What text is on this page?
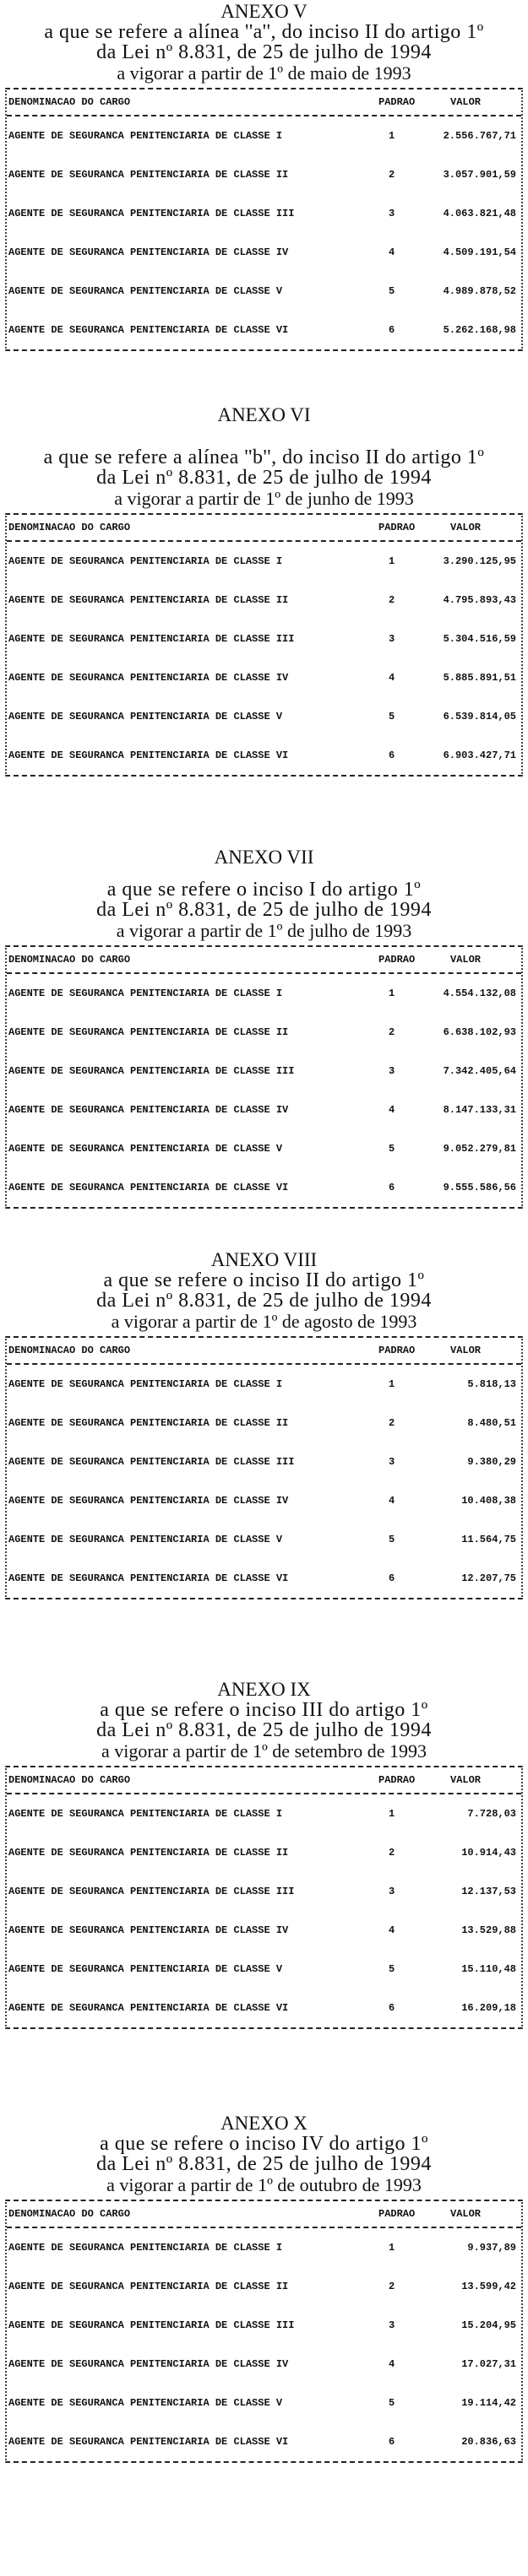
ANEXO V

a que se refere a alínea ''a'', do inciso II do artigo 1º

da Lei nº 8.831, de 25 de julho de 1994

a vigorar a partir de 1º de maio de 1993

DENOMINACAO DO CARGO	PADRAO	VALOR
AGENTE DE SEGURANCA PENITENCIARIA DE CLASSE I	1	2.556.767,71
AGENTE DE SEGURANCA PENITENCIARIA DE CLASSE II	2	3.057.901,59
AGENTE DE SEGURANCA PENITENCIARIA DE CLASSE III	3	4.063.821,48
AGENTE DE SEGURANCA PENITENCIARIA DE CLASSE IV	4	4.509.191,54
AGENTE DE SEGURANCA PENITENCIARIA DE CLASSE V	5	4.989.878,52
AGENTE DE SEGURANCA PENITENCIARIA DE CLASSE VI	6	5.262.168,98

ANEXO VI

a que se refere a alínea ''b'', do inciso II do artigo 1º

da Lei nº 8.831, de 25 de julho de 1994

a vigorar a partir de 1º de junho de 1993

DENOMINACAO DO CARGO	PADRAO	VALOR
AGENTE DE SEGURANCA PENITENCIARIA DE CLASSE I	1	3.290.125,95
AGENTE DE SEGURANCA PENITENCIARIA DE CLASSE II	2	4.795.893,43
AGENTE DE SEGURANCA PENITENCIARIA DE CLASSE III	3	5.304.516,59
AGENTE DE SEGURANCA PENITENCIARIA DE CLASSE IV	4	5.885.891,51
AGENTE DE SEGURANCA PENITENCIARIA DE CLASSE V	5	6.539.814,05
AGENTE DE SEGURANCA PENITENCIARIA DE CLASSE VI	6	6.903.427,71

ANEXO VII

a que se refere o inciso I do artigo 1º

da Lei nº 8.831, de 25 de julho de 1994

a vigorar a partir de 1º de julho de 1993

DENOMINACAO DO CARGO	PADRAO	VALOR
AGENTE DE SEGURANCA PENITENCIARIA DE CLASSE I	1	4.554.132,08
AGENTE DE SEGURANCA PENITENCIARIA DE CLASSE II	2	6.638.102,93
AGENTE DE SEGURANCA PENITENCIARIA DE CLASSE III	3	7.342.405,64
AGENTE DE SEGURANCA PENITENCIARIA DE CLASSE IV	4	8.147.133,31
AGENTE DE SEGURANCA PENITENCIARIA DE CLASSE V	5	9.052.279,81
AGENTE DE SEGURANCA PENITENCIARIA DE CLASSE VI	6	9.555.586,56

ANEXO VIII

a que se refere o inciso II do artigo 1º

da Lei nº 8.831, de 25 de julho de 1994

a vigorar a partir de 1º de agosto de 1993

DENOMINACAO DO CARGO	PADRAO	VALOR
AGENTE DE SEGURANCA PENITENCIARIA DE CLASSE I	1	5.818,13
AGENTE DE SEGURANCA PENITENCIARIA DE CLASSE II	2	8.480,51
AGENTE DE SEGURANCA PENITENCIARIA DE CLASSE III	3	9.380,29
AGENTE DE SEGURANCA PENITENCIARIA DE CLASSE IV	4	10.408,38
AGENTE DE SEGURANCA PENITENCIARIA DE CLASSE V	5	11.564,75
AGENTE DE SEGURANCA PENITENCIARIA DE CLASSE VI	6	12.207,75

ANEXO IX

a que se refere o inciso III do artigo 1º

da Lei nº 8.831, de 25 de julho de 1994

a vigorar a partir de 1º de setembro de 1993

DENOMINACAO DO CARGO	PADRAO	VALOR
AGENTE DE SEGURANCA PENITENCIARIA DE CLASSE I	1	7.728,03
AGENTE DE SEGURANCA PENITENCIARIA DE CLASSE II	2	10.914,43
AGENTE DE SEGURANCA PENITENCIARIA DE CLASSE III	3	12.137,53
AGENTE DE SEGURANCA PENITENCIARIA DE CLASSE IV	4	13.529,88
AGENTE DE SEGURANCA PENITENCIARIA DE CLASSE V	5	15.110,48
AGENTE DE SEGURANCA PENITENCIARIA DE CLASSE VI	6	16.209,18

ANEXO X

a que se refere o inciso IV do artigo 1º

da Lei nº 8.831, de 25 de julho de 1994

a vigorar a partir de 1º de outubro de 1993

DENOMINACAO DO CARGO	PADRAO	VALOR
AGENTE DE SEGURANCA PENITENCIARIA DE CLASSE I	1	9.937,89
AGENTE DE SEGURANCA PENITENCIARIA DE CLASSE II	2	13.599,42
AGENTE DE SEGURANCA PENITENCIARIA DE CLASSE III	3	15.204,95
AGENTE DE SEGURANCA PENITENCIARIA DE CLASSE IV	4	17.027,31
AGENTE DE SEGURANCA PENITENCIARIA DE CLASSE V	5	19.114,42
AGENTE DE SEGURANCA PENITENCIARIA DE CLASSE VI	6	20.836,63
